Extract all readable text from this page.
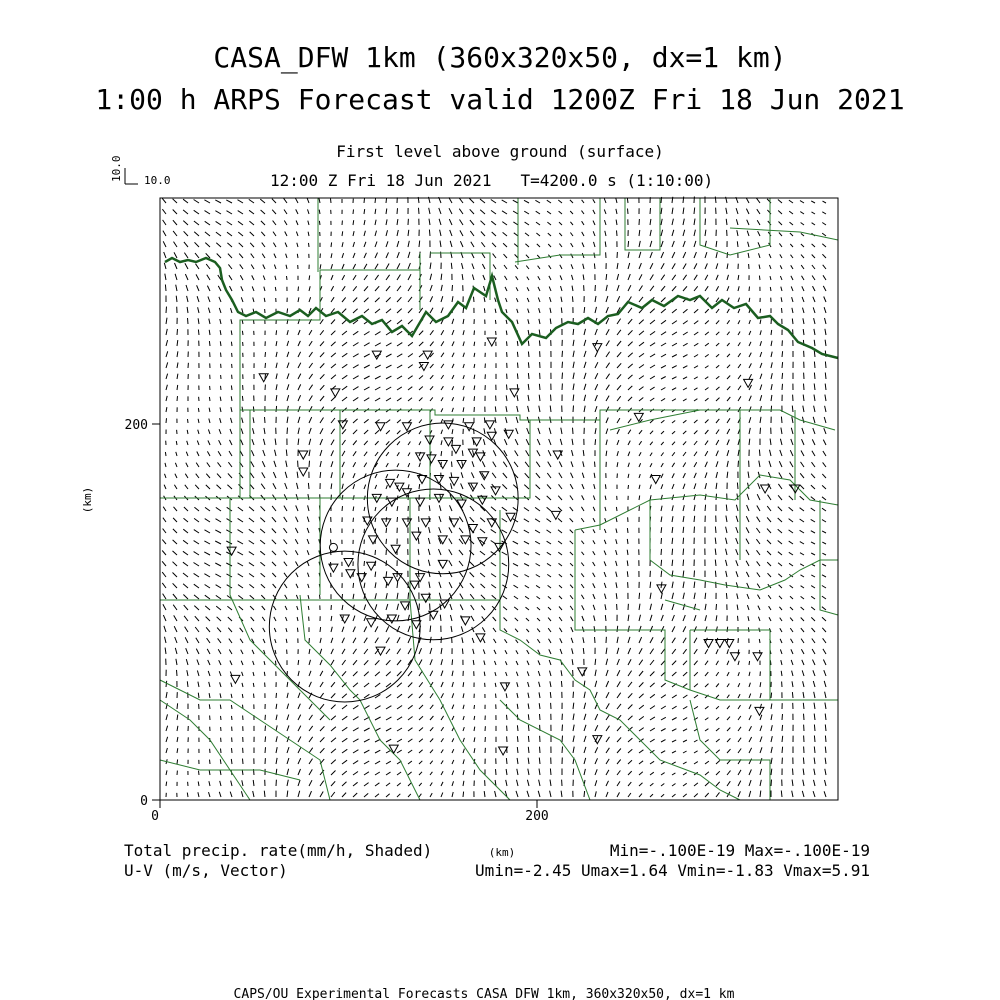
CASA_DFW 1km (360x320x50, dx=1 km)
1:00 h ARPS Forecast valid 1200Z Fri 18 Jun 2021
First level above ground (surface)
12:00 Z Fri 18 Jun 2021   T=4200.0 s (1:10:00)
10.0 10.0
0	200
0
200
(km)
(km)
Total precip. rate(mm/h, Shaded)	Min=-.100E-19 Max=-.100E-19
U-V (m/s, Vector)	Umin=-2.45 Umax=1.64 Vmin=-1.83 Vmax=5.91
CAPS/OU Experimental Forecasts CASA DFW 1km, 360x320x50, dx=1 km
